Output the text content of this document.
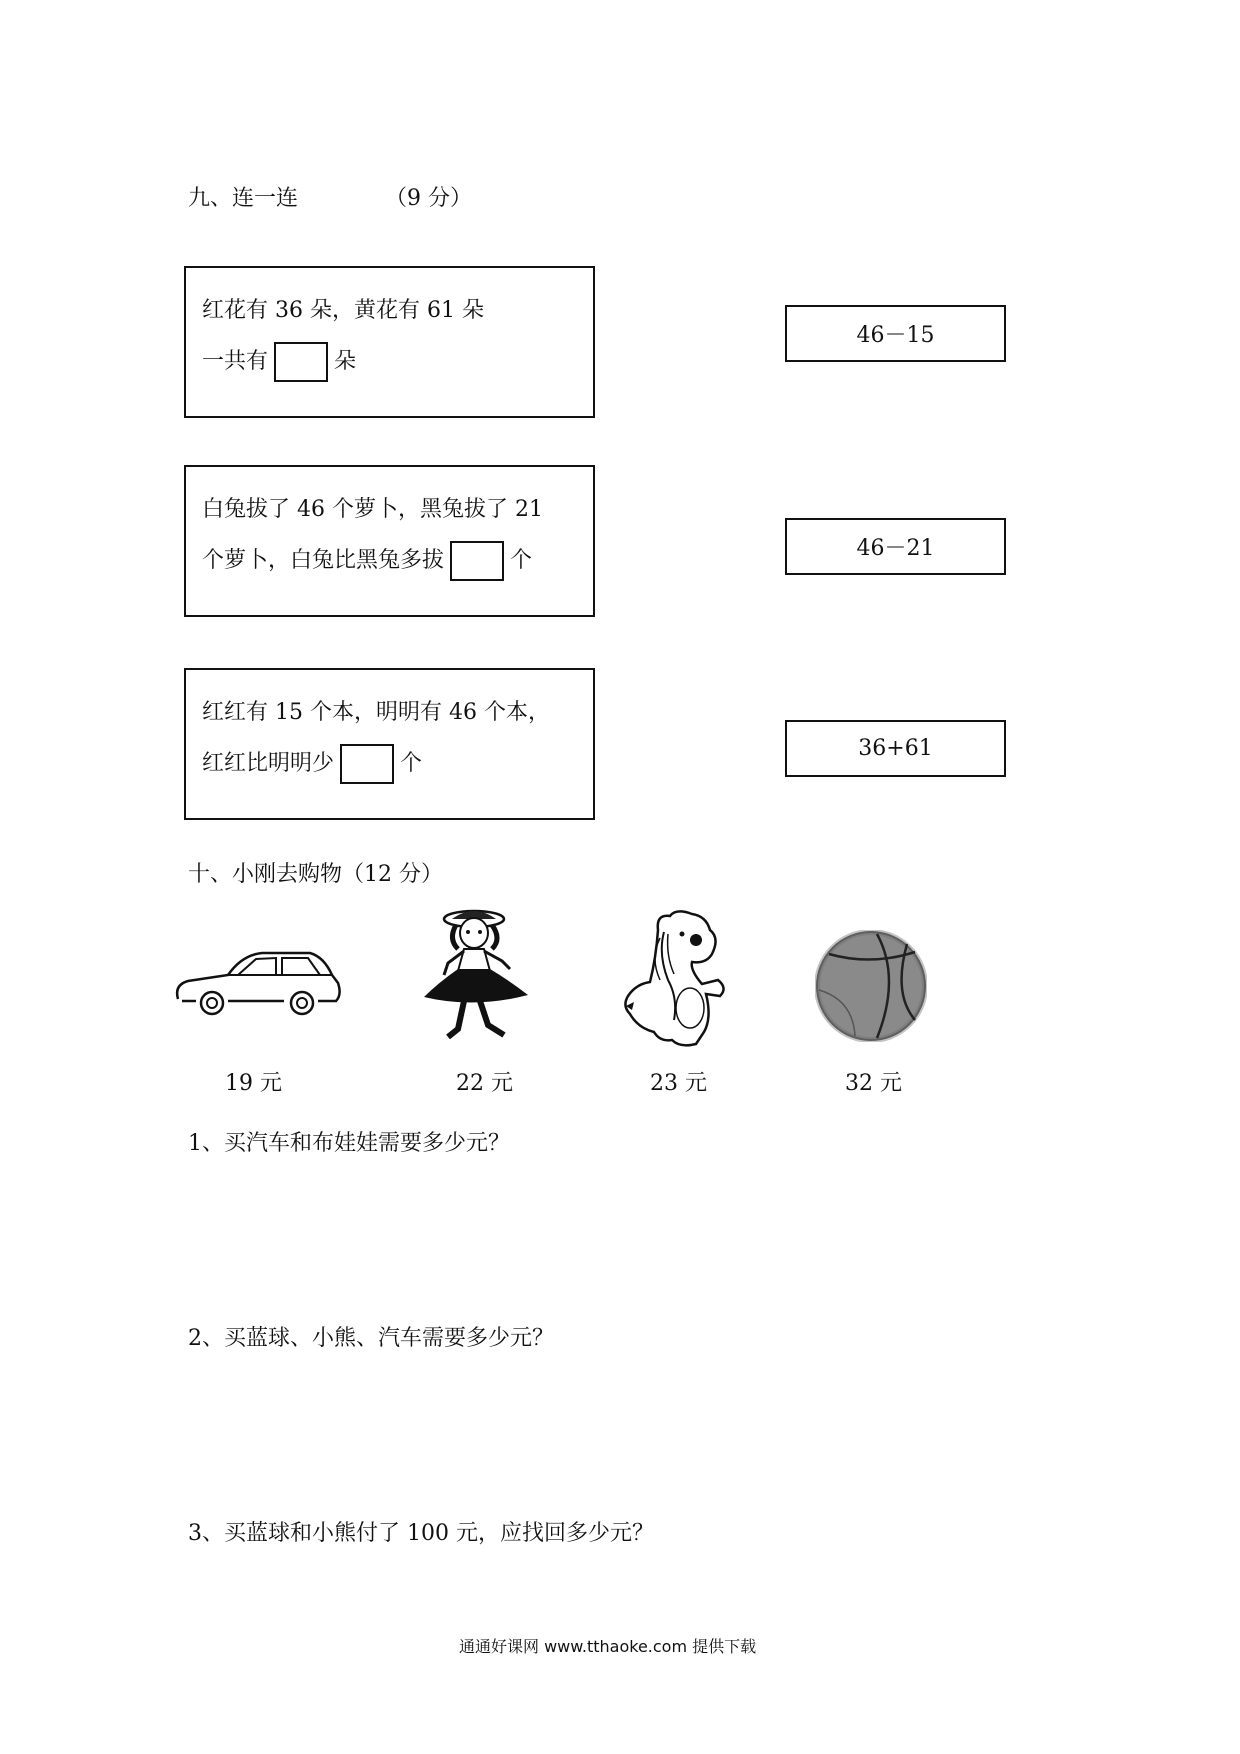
九、连一连	（9 分）
红花有 36 朵，黄花有 61 朵
一共有	朵
白兔拔了 46 个萝卜，黑兔拔了 21
个萝卜，白兔比黑兔多拔	个
红红有 15 个本，明明有 46 个本，
红红比明明少	个
46－15
46－21
36+61
十、小刚去购物（12 分）
19 元	22 元	23 元	32 元
1、买汽车和布娃娃需要多少元？
2、买蓝球、小熊、汽车需要多少元？
3、买蓝球和小熊付了 100 元，应找回多少元？
通通好课网 www.tthaoke.com 提供下载
